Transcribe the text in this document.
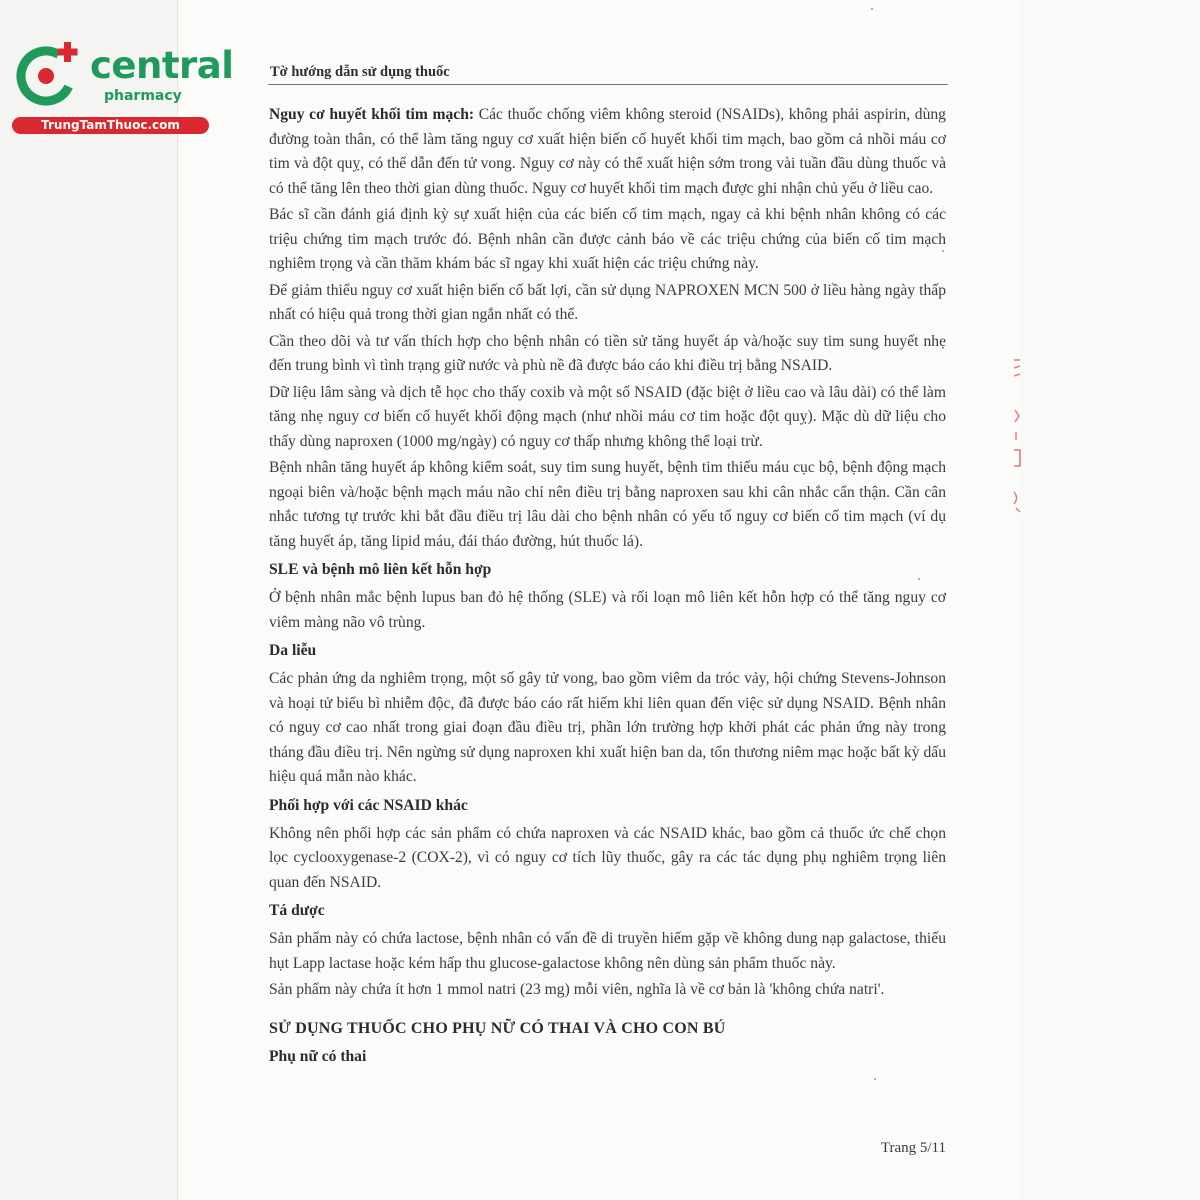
central
pharmacy
TrungTamThuoc.com
Tờ hướng dẫn sử dụng thuốc

Nguy cơ huyết khối tim mạch: Các thuốc chống viêm không steroid (NSAIDs), không phải aspirin, dùng đường toàn thân, có thể làm tăng nguy cơ xuất hiện biến cố huyết khối tim mạch, bao gồm cả nhồi máu cơ tim và đột quỵ, có thể dẫn đến tử vong. Nguy cơ này có thể xuất hiện sớm trong vài tuần đầu dùng thuốc và có thể tăng lên theo thời gian dùng thuốc. Nguy cơ huyết khối tim mạch được ghi nhận chủ yếu ở liều cao.

Bác sĩ cần đánh giá định kỳ sự xuất hiện của các biến cố tim mạch, ngay cả khi bệnh nhân không có các triệu chứng tim mạch trước đó. Bệnh nhân cần được cảnh báo về các triệu chứng của biến cố tim mạch nghiêm trọng và cần thăm khám bác sĩ ngay khi xuất hiện các triệu chứng này.

Để giảm thiểu nguy cơ xuất hiện biến cố bất lợi, cần sử dụng NAPROXEN MCN 500 ở liều hàng ngày thấp nhất có hiệu quả trong thời gian ngắn nhất có thể.

Cần theo dõi và tư vấn thích hợp cho bệnh nhân có tiền sử tăng huyết áp và/hoặc suy tim sung huyết nhẹ đến trung bình vì tình trạng giữ nước và phù nề đã được báo cáo khi điều trị bằng NSAID.

Dữ liệu lâm sàng và dịch tễ học cho thấy coxib và một số NSAID (đặc biệt ở liều cao và lâu dài) có thể làm tăng nhẹ nguy cơ biến cố huyết khối động mạch (như nhồi máu cơ tim hoặc đột quỵ). Mặc dù dữ liệu cho thấy dùng naproxen (1000 mg/ngày) có nguy cơ thấp nhưng không thể loại trừ.

Bệnh nhân tăng huyết áp không kiểm soát, suy tim sung huyết, bệnh tim thiếu máu cục bộ, bệnh động mạch ngoại biên và/hoặc bệnh mạch máu não chỉ nên điều trị bằng naproxen sau khi cân nhắc cẩn thận. Cần cân nhắc tương tự trước khi bắt đầu điều trị lâu dài cho bệnh nhân có yếu tố nguy cơ biến cố tim mạch (ví dụ tăng huyết áp, tăng lipid máu, đái tháo đường, hút thuốc lá).

SLE và bệnh mô liên kết hỗn hợp

Ở bệnh nhân mắc bệnh lupus ban đỏ hệ thống (SLE) và rối loạn mô liên kết hỗn hợp có thể tăng nguy cơ viêm màng não vô trùng.

Da liễu

Các phản ứng da nghiêm trọng, một số gây tử vong, bao gồm viêm da tróc vảy, hội chứng Stevens-Johnson và hoại tử biểu bì nhiễm độc, đã được báo cáo rất hiếm khi liên quan đến việc sử dụng NSAID. Bệnh nhân có nguy cơ cao nhất trong giai đoạn đầu điều trị, phần lớn trường hợp khởi phát các phản ứng này trong tháng đầu điều trị. Nên ngừng sử dụng naproxen khi xuất hiện ban da, tổn thương niêm mạc hoặc bất kỳ dấu hiệu quá mẫn nào khác.

Phối hợp với các NSAID khác

Không nên phối hợp các sản phẩm có chứa naproxen và các NSAID khác, bao gồm cả thuốc ức chế chọn lọc cyclooxygenase-2 (COX-2), vì có nguy cơ tích lũy thuốc, gây ra các tác dụng phụ nghiêm trọng liên quan đến NSAID.

Tá dược

Sản phẩm này có chứa lactose, bệnh nhân có vấn đề di truyền hiếm gặp về không dung nạp galactose, thiếu hụt Lapp lactase hoặc kém hấp thu glucose-galactose không nên dùng sản phẩm thuốc này.

Sản phẩm này chứa ít hơn 1 mmol natri (23 mg) mỗi viên, nghĩa là về cơ bản là 'không chứa natri'.

SỬ DỤNG THUỐC CHO PHỤ NỮ CÓ THAI VÀ CHO CON BÚ
Phụ nữ có thai
Trang 5/11
